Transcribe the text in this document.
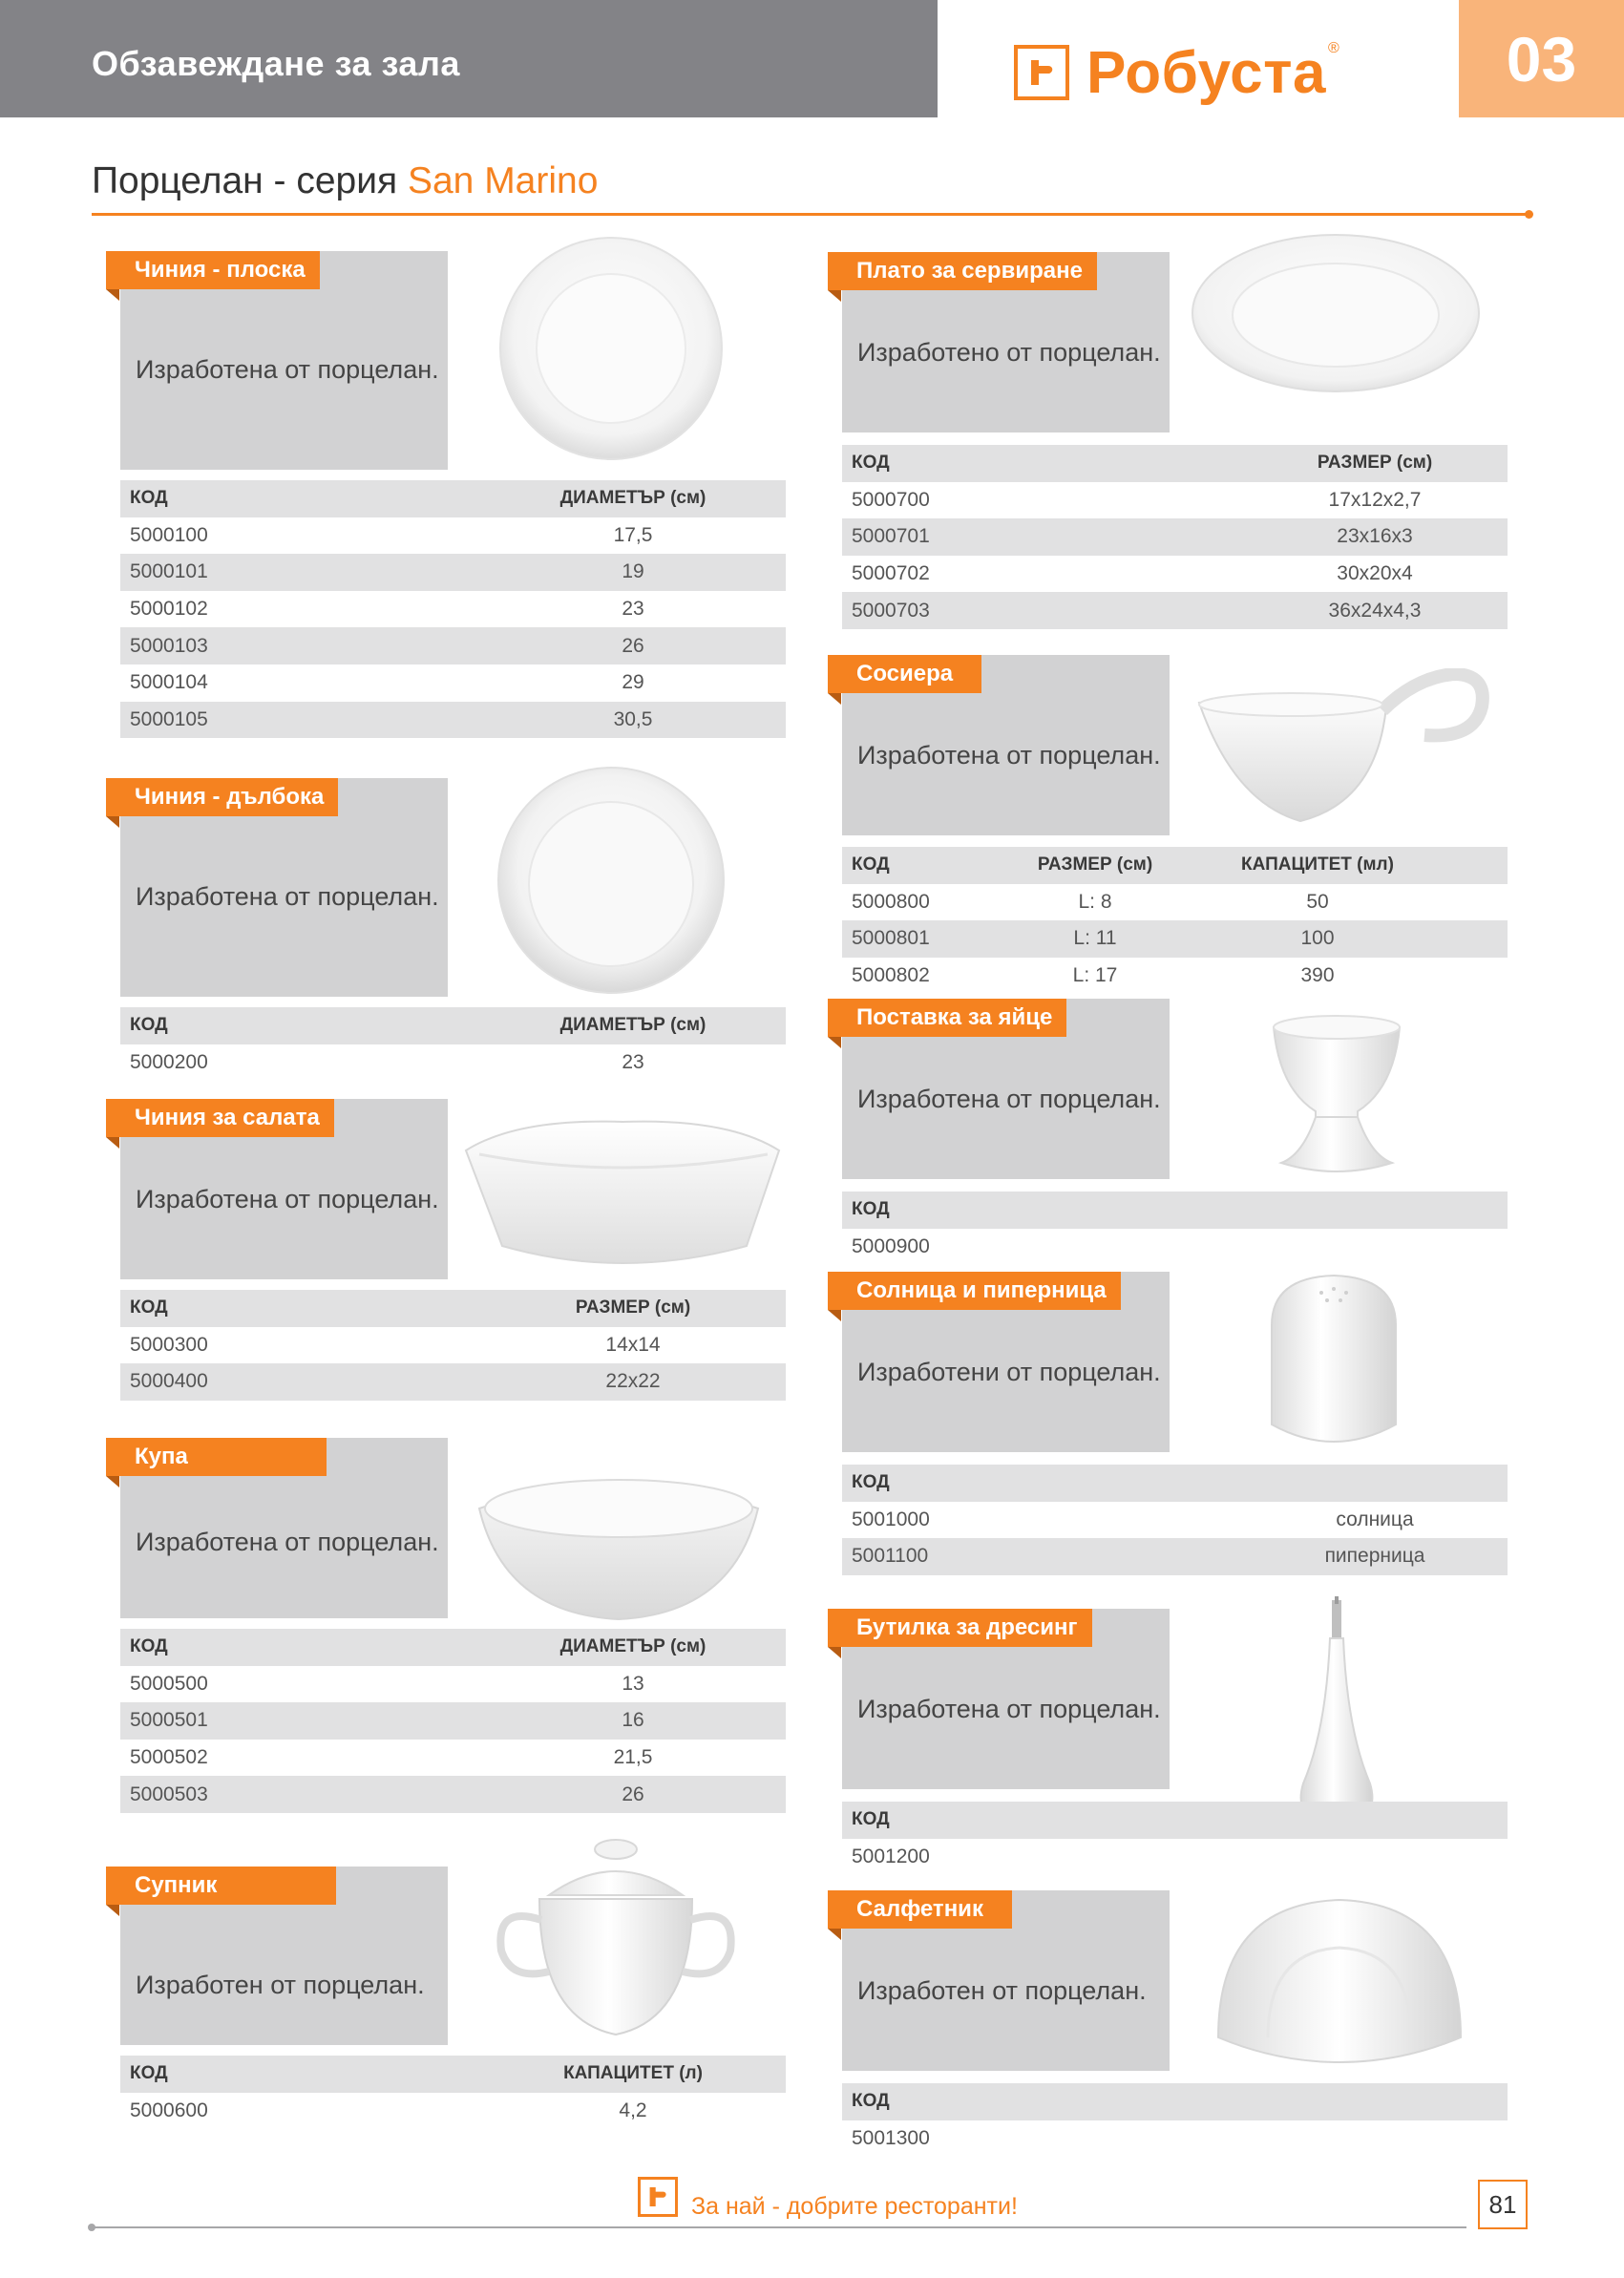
Обзавеждане за зала	Робуста ®	03
Порцелан - серия San Marino
Чиния - плоска
Изработена от порцелан.
КОД	ДИАМЕТЪР (см)
5000100	17,5
5000101	19
5000102	23
5000103	26
5000104	29
5000105	30,5
Чиния - дълбока
Изработена от порцелан.
КОД	ДИАМЕТЪР (см)
5000200	23
Чиния за салата
Изработена от порцелан.
КОД	РАЗМЕР (см)
5000300	14x14
5000400	22x22
Купа
Изработена от порцелан.
КОД	ДИАМЕТЪР (см)
5000500	13
5000501	16
5000502	21,5
5000503	26
Супник
Изработен от порцелан.
КОД	КАПАЦИТЕТ (л)
5000600	4,2
Плато за сервиране
Изработено от порцелан.
КОД	РАЗМЕР (см)
5000700	17x12x2,7
5000701	23x16x3
5000702	30x20x4
5000703	36x24x4,3
Сосиера
Изработена от порцелан.
КОД	РАЗМЕР (см)	КАПАЦИТЕТ (мл)
5000800	L: 8	50
5000801	L: 11	100
5000802	L: 17	390
Поставка за яйце
Изработена от порцелан.
КОД
5000900
Солница и пиперница
Изработени от порцелан.
КОД
5001000	солница
5001100	пиперница
Бутилка за дресинг
Изработена от порцелан.
КОД
5001200
Салфетник
Изработен от порцелан.
КОД
5001300
За най - добрите ресторанти!	81
